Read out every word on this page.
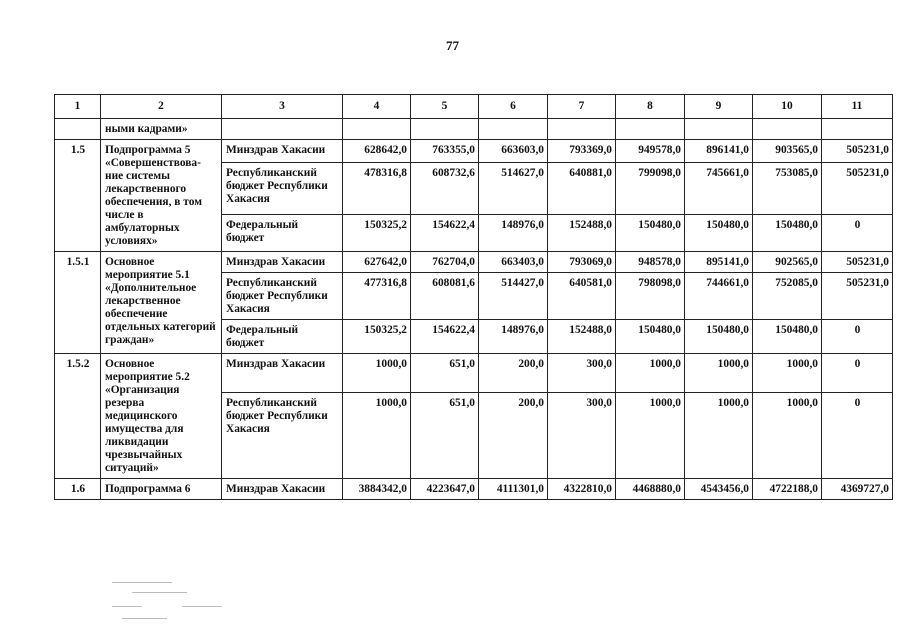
77
1	2	3	4	5	6	7	8	9	10	11
	ными кадрами»									
1.5	Подпрограмма 5 «Совершенствова-ние системы лекарственного обеспечения, в том числе в амбулаторных условиях»	Минздрав Хакасии	628642,0	763355,0	663603,0	793369,0	949578,0	896141,0	903565,0	505231,0
		Республиканский бюджет Республики Хакасия	478316,8	608732,6	514627,0	640881,0	799098,0	745661,0	753085,0	505231,0
		Федеральный бюджет	150325,2	154622,4	148976,0	152488,0	150480,0	150480,0	150480,0	0
1.5.1	Основное мероприятие 5.1 «Дополнительное лекарственное обеспечение отдельных категорий граждан»	Минздрав Хакасии	627642,0	762704,0	663403,0	793069,0	948578,0	895141,0	902565,0	505231,0
		Республиканский бюджет Республики Хакасия	477316,8	608081,6	514427,0	640581,0	798098,0	744661,0	752085,0	505231,0
		Федеральный бюджет	150325,2	154622,4	148976,0	152488,0	150480,0	150480,0	150480,0	0
1.5.2	Основное мероприятие 5.2 «Организация резерва медицинского имущества для ликвидации чрезвычайных ситуаций»	Минздрав Хакасии	1000,0	651,0	200,0	300,0	1000,0	1000,0	1000,0	0
		Республиканский бюджет Республики Хакасия	1000,0	651,0	200,0	300,0	1000,0	1000,0	1000,0	0
1.6	Подпрограмма 6	Минздрав Хакасии	3884342,0	4223647,0	4111301,0	4322810,0	4468880,0	4543456,0	4722188,0	4369727,0
